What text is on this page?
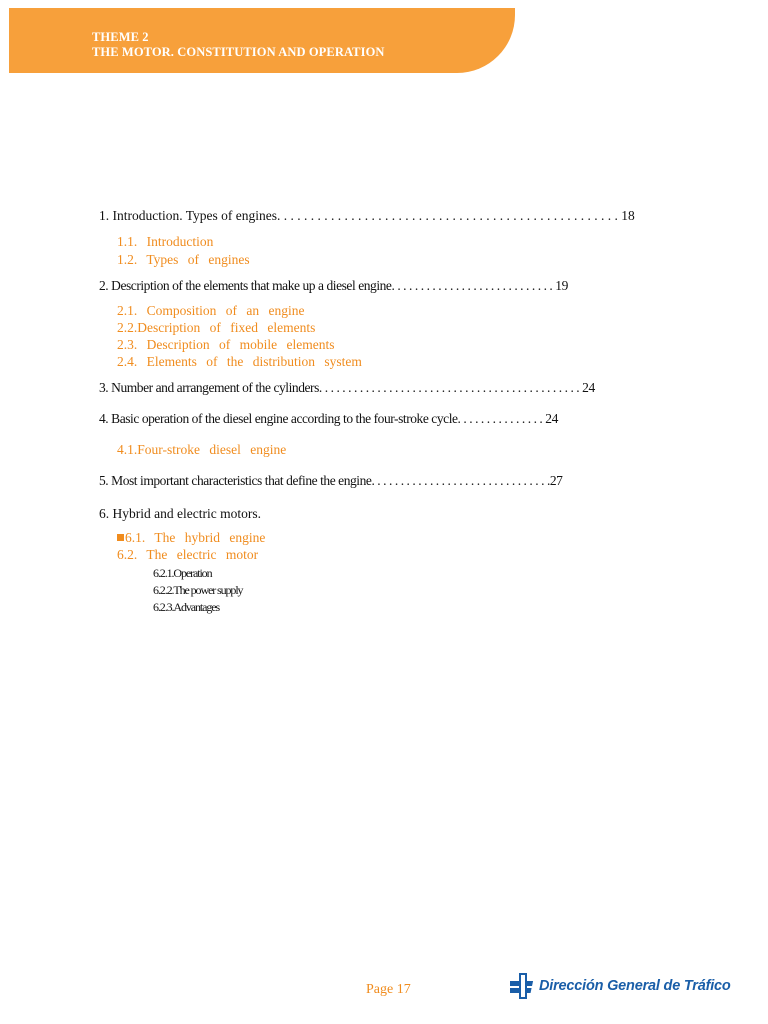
THEME 2
THE MOTOR. CONSTITUTION AND OPERATION
1. Introduction. Types of engines. . . . . . . . . . . . . . . . . . . . . . . . . . . . . . . . . . . . . . . . . . . . . . . . . . . 18
1.1. Introduction
1.2. Types of engines
2. Description of the elements that make up a diesel engine. . . . . . . . . . . . . . . . . . . . . . . . . . . . 19
2.1. Composition of an engine
2.2.Description of fixed elements
2.3. Description of mobile elements
2.4. Elements of the distribution system
3. Number and arrangement of the cylinders. . . . . . . . . . . . . . . . . . . . . . . . . . . . . . . . . . . . . . . . . . . . . 24
4. Basic operation of the diesel engine according to the four-stroke cycle. . . . . . . . . . . . . . . 24
4.1.Four-stroke diesel engine
5. Most important characteristics that define the engine. . . . . . . . . . . . . . . . . . . . . . . . . . . . . . .27
6. Hybrid and electric motors.
6.1. The hybrid engine
6.2. The electric motor
6.2.1.Operation
6.2.2.The power supply
6.2.3.Advantages
Page 17	Dirección General de Tráfico
